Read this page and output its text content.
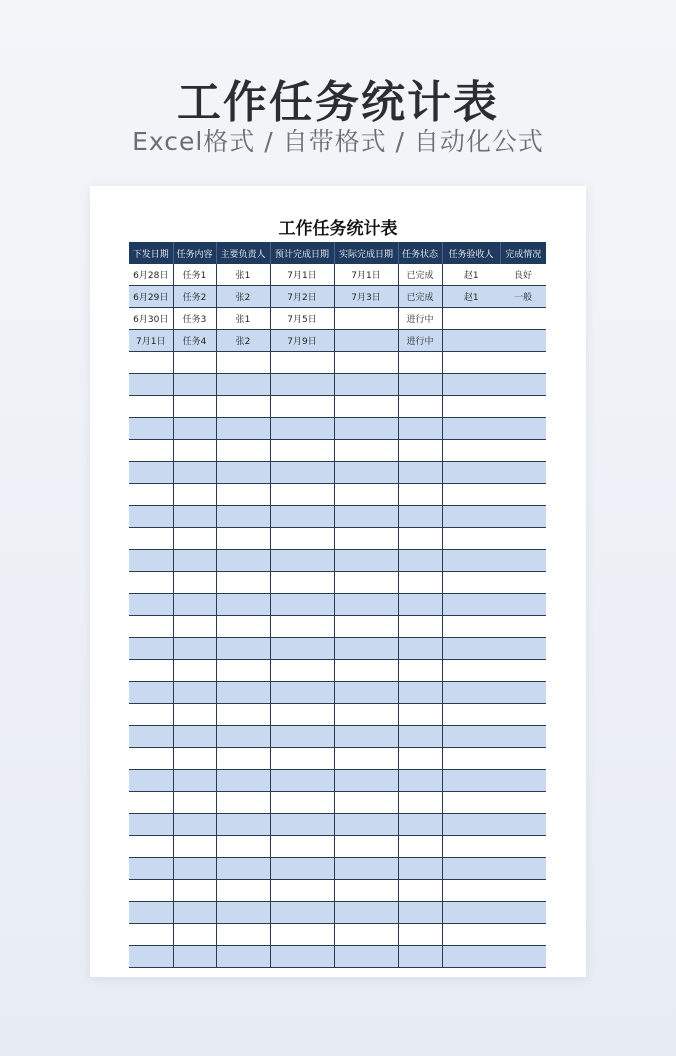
工作任务统计表
Excel格式 / 自带格式 / 自动化公式
工作任务统计表
下发日期	任务内容	主要负责人	预计完成日期	实际完成日期	任务状态	任务验收人	完成情况
6月28日	任务1	张1	7月1日	7月1日	已完成	赵1	良好
6月29日	任务2	张2	7月2日	7月3日	已完成	赵1	一般
6月30日	任务3	张1	7月5日		进行中		
7月1日	任务4	张2	7月9日		进行中		
